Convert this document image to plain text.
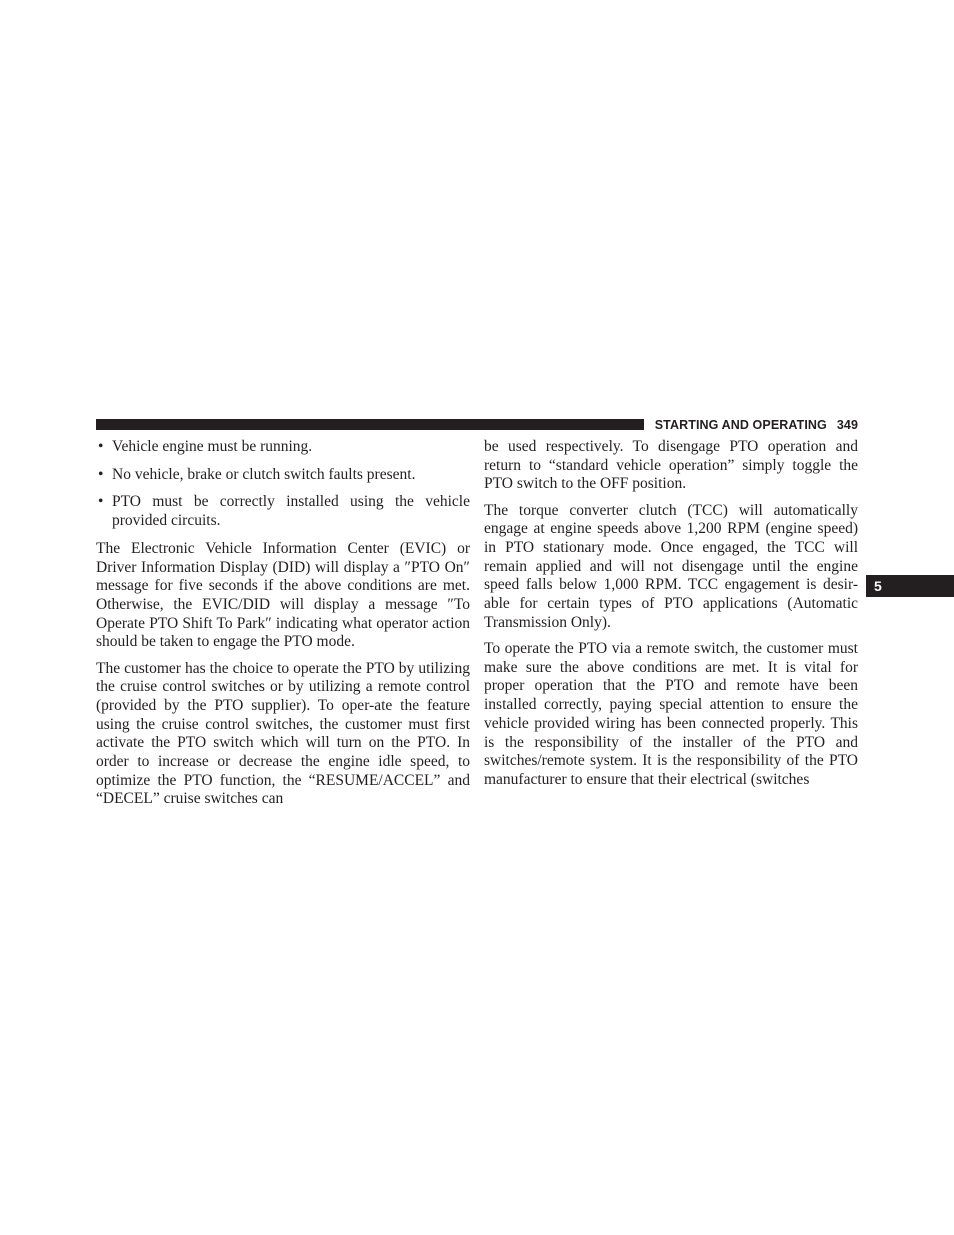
STARTING AND OPERATING 349
5
• Vehicle engine must be running.
• No vehicle, brake or clutch switch faults present.
• PTO must be correctly installed using the vehicle provided circuits.

The Electronic Vehicle Information Center (EVIC) or Driver Information Display (DID) will display a ″PTO On″ message for five seconds if the above conditions are met. Otherwise, the EVIC/DID will display a message ″To Operate PTO Shift To Park″ indicating what operator action should be taken to engage the PTO mode.

The customer has the choice to operate the PTO by utilizing the cruise control switches or by utilizing a remote control (provided by the PTO supplier). To oper-ate the feature using the cruise control switches, the customer must first activate the PTO switch which will turn on the PTO. In order to increase or decrease the engine idle speed, to optimize the PTO function, the “RESUME/ACCEL” and “DECEL” cruise switches can

be used respectively. To disengage PTO operation and return to “standard vehicle operation” simply toggle the PTO switch to the OFF position.

The torque converter clutch (TCC) will automatically engage at engine speeds above 1,200 RPM (engine speed) in PTO stationary mode. Once engaged, the TCC will remain applied and will not disengage until the engine speed falls below 1,000 RPM. TCC engagement is desir-able for certain types of PTO applications (Automatic Transmission Only).

To operate the PTO via a remote switch, the customer must make sure the above conditions are met. It is vital for proper operation that the PTO and remote have been installed correctly, paying special attention to ensure the vehicle provided wiring has been connected properly. This is the responsibility of the installer of the PTO and switches/remote system. It is the responsibility of the PTO manufacturer to ensure that their electrical (switches
